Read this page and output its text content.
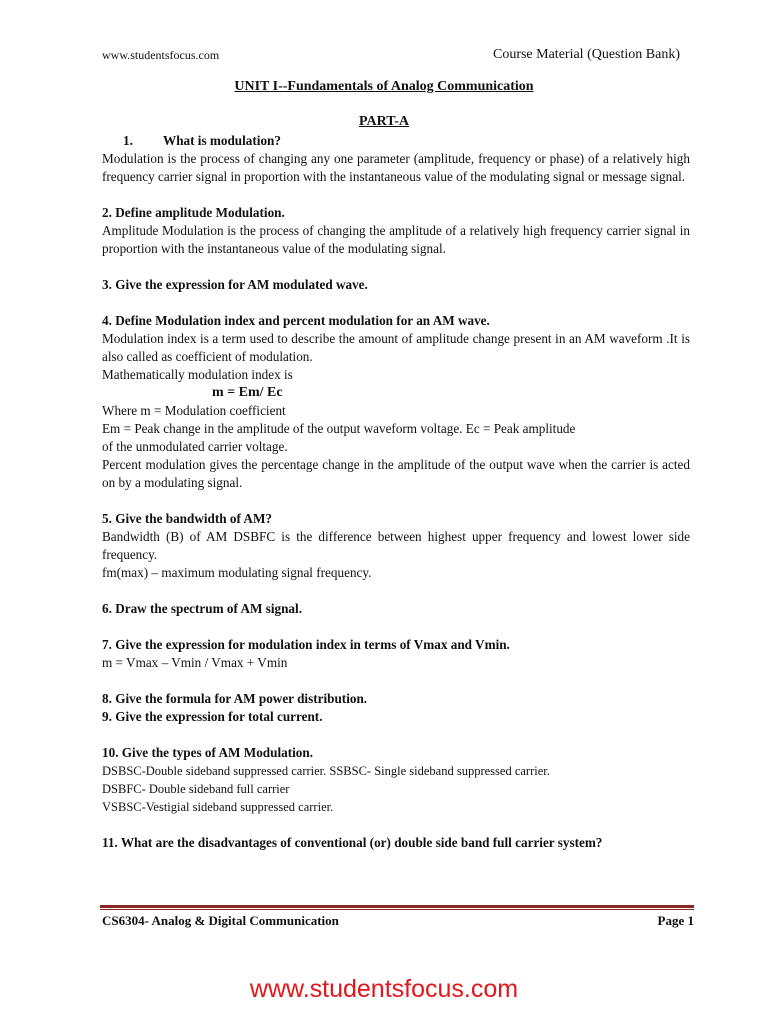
www.studentsfocus.com	Course Material (Question Bank)
UNIT I--Fundamentals of Analog Communication
PART-A

1. What is modulation?

Modulation is the process of changing any one parameter (amplitude, frequency or phase) of a relatively high frequency carrier signal in proportion with the instantaneous value of the modulating signal or message signal.

2. Define amplitude Modulation.

Amplitude Modulation is the process of changing the amplitude of a relatively high frequency carrier signal in proportion with the instantaneous value of the modulating signal.

3. Give the expression for AM modulated wave.

4. Define Modulation index and percent modulation for an AM wave.

Modulation index is a term used to describe the amount of amplitude change present in an AM waveform .It is also called as coefficient of modulation.

Mathematically modulation index is

m = Em/ Ec

Where m = Modulation coefficient

Em = Peak change in the amplitude of the output waveform voltage. Ec = Peak amplitude

of the unmodulated carrier voltage.

Percent modulation gives the percentage change in the amplitude of the output wave when the carrier is acted on by a modulating signal.

5. Give the bandwidth of AM?

Bandwidth (B) of AM DSBFC is the difference between highest upper frequency and lowest lower side frequency.

fm(max) – maximum modulating signal frequency.

6. Draw the spectrum of AM signal.

7. Give the expression for modulation index in terms of Vmax and Vmin.

m = Vmax – Vmin / Vmax + Vmin

8. Give the formula for AM power distribution.

9. Give the expression for total current.

10. Give the types of AM Modulation.

DSBSC-Double sideband suppressed carrier. SSBSC- Single sideband suppressed carrier.

DSBFC- Double sideband full carrier

VSBSC-Vestigial sideband suppressed carrier.

11. What are the disadvantages of conventional (or) double side band full carrier system?

CS6304- Analog & Digital Communication	Page 1
www.studentsfocus.com
